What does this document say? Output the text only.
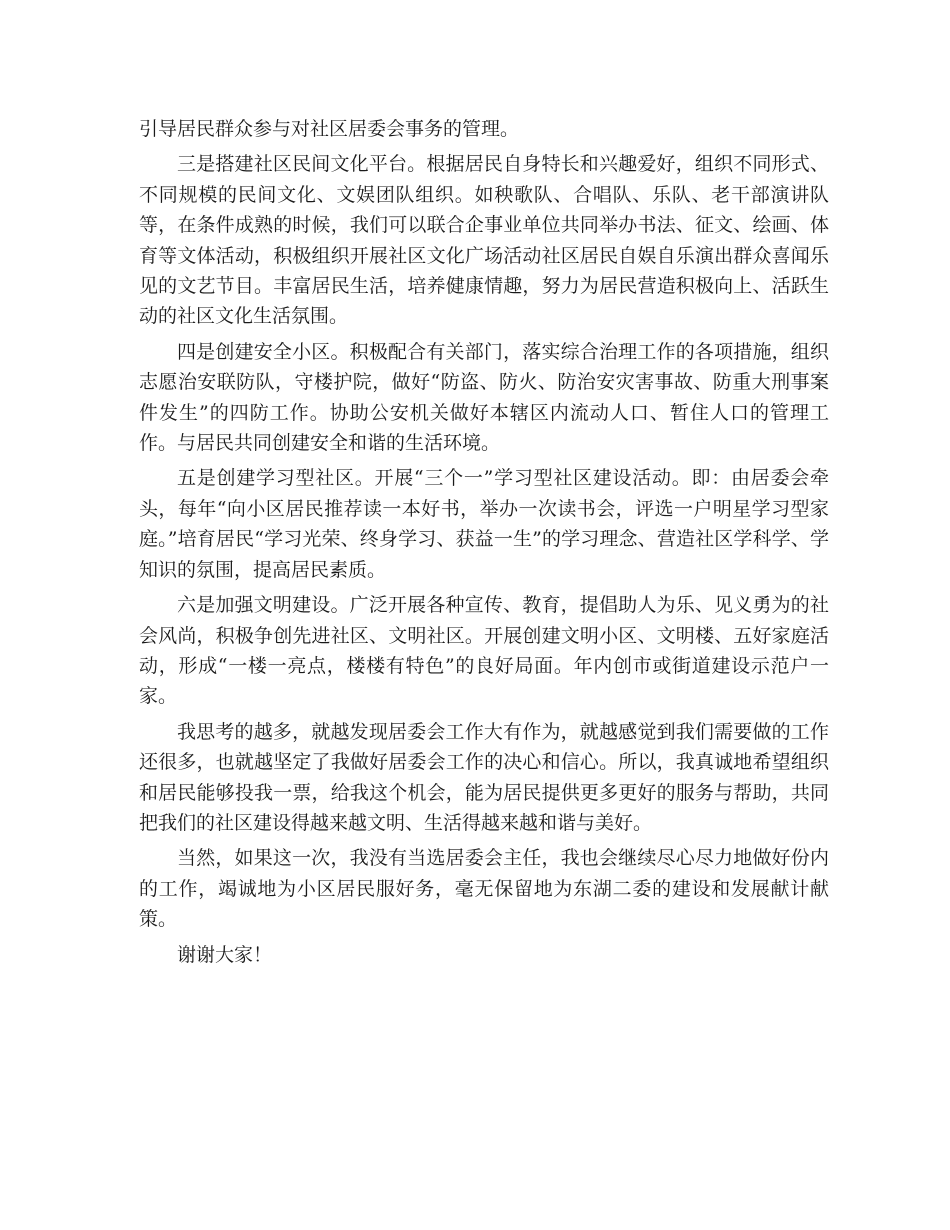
引导居民群众参与对社区居委会事务的管理。

三是搭建社区民间文化平台。根据居民自身特长和兴趣爱好，组织不同形式、不同规模的民间文化、文娱团队组织。如秧歌队、合唱队、乐队、老干部演讲队等，在条件成熟的时候，我们可以联合企事业单位共同举办书法、征文、绘画、体育等文体活动，积极组织开展社区文化广场活动社区居民自娱自乐演出群众喜闻乐见的文艺节目。丰富居民生活，培养健康情趣，努力为居民营造积极向上、活跃生动的社区文化生活氛围。

四是创建安全小区。积极配合有关部门，落实综合治理工作的各项措施，组织志愿治安联防队，守楼护院，做好“防盗、防火、防治安灾害事故、防重大刑事案件发生”的四防工作。协助公安机关做好本辖区内流动人口、暂住人口的管理工作。与居民共同创建安全和谐的生活环境。

五是创建学习型社区。开展“三个一”学习型社区建设活动。即：由居委会牵头，每年“向小区居民推荐读一本好书，举办一次读书会，评选一户明星学习型家庭。”培育居民“学习光荣、终身学习、获益一生”的学习理念、营造社区学科学、学知识的氛围，提高居民素质。

六是加强文明建设。广泛开展各种宣传、教育，提倡助人为乐、见义勇为的社会风尚，积极争创先进社区、文明社区。开展创建文明小区、文明楼、五好家庭活动，形成“一楼一亮点，楼楼有特色”的良好局面。年内创市或街道建设示范户一家。

我思考的越多，就越发现居委会工作大有作为，就越感觉到我们需要做的工作还很多，也就越坚定了我做好居委会工作的决心和信心。所以，我真诚地希望组织和居民能够投我一票，给我这个机会，能为居民提供更多更好的服务与帮助，共同把我们的社区建设得越来越文明、生活得越来越和谐与美好。

当然，如果这一次，我没有当选居委会主任，我也会继续尽心尽力地做好份内的工作，竭诚地为小区居民服好务，毫无保留地为东湖二委的建设和发展献计献策。

谢谢大家！
